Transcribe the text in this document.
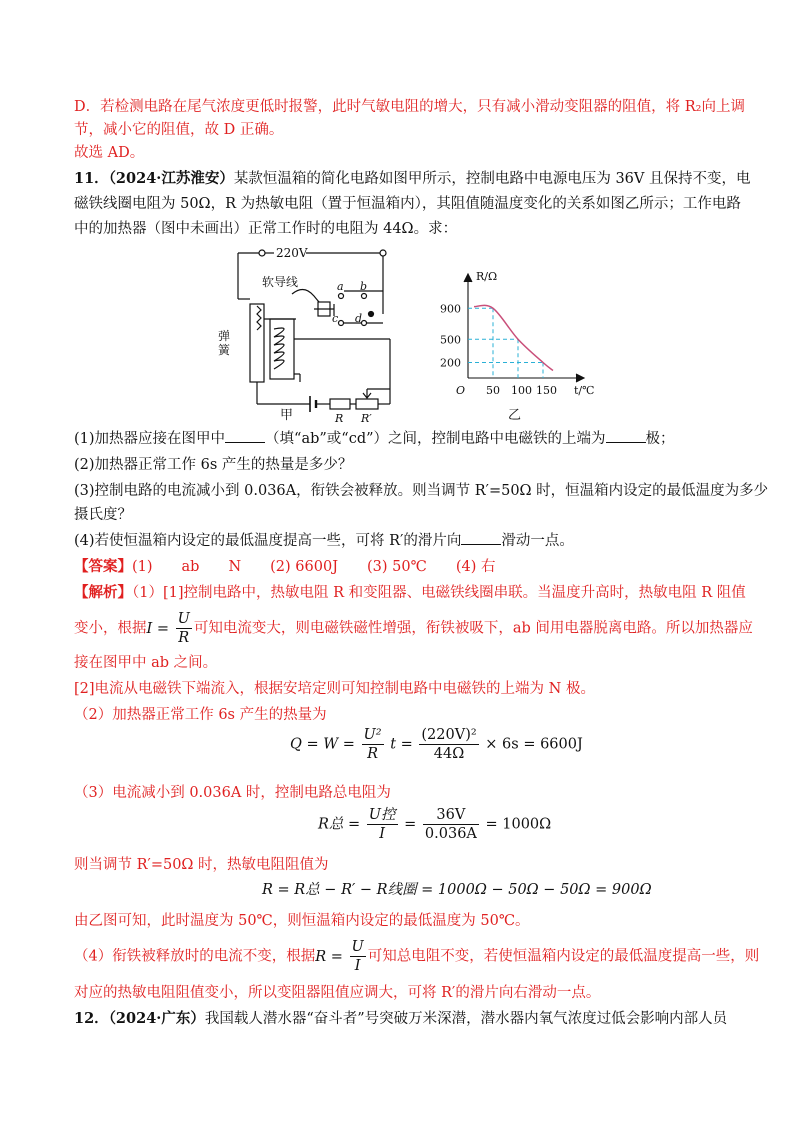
D．若检测电路在尾气浓度更低时报警，此时气敏电阻的增大，只有减小滑动变阻器的阻值，将 R₂向上调
节，减小它的阻值，故 D 正确。
故选 AD。
11．（2024·江苏淮安）某款恒温箱的简化电路如图甲所示，控制电路中电源电压为 36V 且保持不变，电
磁铁线圈电阻为 50Ω，R 为热敏电阻（置于恒温箱内），其阻值随温度变化的关系如图乙所示；工作电路
中的加热器（图中未画出）正常工作时的电阻为 44Ω。求：
220V
软导线
弹
簧
a b
c d
R R′
甲
R/Ω
t/℃
O
900
500
200
50 100 150
乙
(1)加热器应接在图甲中	（填“ab”或“cd”）之间，控制电路中电磁铁的上端为	极；
(2)加热器正常工作 6s 产生的热量是多少？
(3)控制电路的电流减小到 0.036A，衔铁会被释放。则当调节 R′=50Ω 时，恒温箱内设定的最低温度为多少
摄氏度？
(4)若使恒温箱内设定的最低温度提高一些，可将 R′的滑片向	滑动一点。
【答案】(1)　　ab　　N　　(2) 6600J　　(3) 50℃　　(4) 右
【解析】（1）[1]控制电路中，热敏电阻 R 和变阻器、电磁铁线圈串联。当温度升高时，热敏电阻 R 阻值
变小，根据$I = \frac{U}{R}$ 可知电流变大，则电磁铁磁性增强，衔铁被吸下，ab 间用电器脱离电路。所以加热器应
接在图甲中 ab 之间。
[2]电流从电磁铁下端流入，根据安培定则可知控制电路中电磁铁的上端为 N 极。
（2）加热器正常工作 6s 产生的热量为
$Q = W = \frac{\text{U²}}{R}$ $t = \frac{\text{(220V)²}}{44\Omega} \times 6s = 6600J$
（3）电流减小到 0.036A 时，控制电路总电阻为
R总 = $\frac{\text{U控}}{I} = \frac{36V}{0.036A} = 1000\Omega$
则当调节 R′=50Ω 时，热敏电阻阻值为
R = R总 − R′ − R线圈 = 1000Ω − 50Ω − 50Ω = 900Ω
由乙图可知，此时温度为 50℃，则恒温箱内设定的最低温度为 50℃。
（4）衔铁被释放时的电流不变，根据$R = \frac{U}{I}$ 可知总电阻不变，若使恒温箱内设定的最低温度提高一些，则
对应的热敏电阻阻值变小，所以变阻器阻值应调大，可将 R′的滑片向右滑动一点。
12．（2024·广东）我国载人潜水器“奋斗者”号突破万米深潜，潜水器内氧气浓度过低会影响内部人员
